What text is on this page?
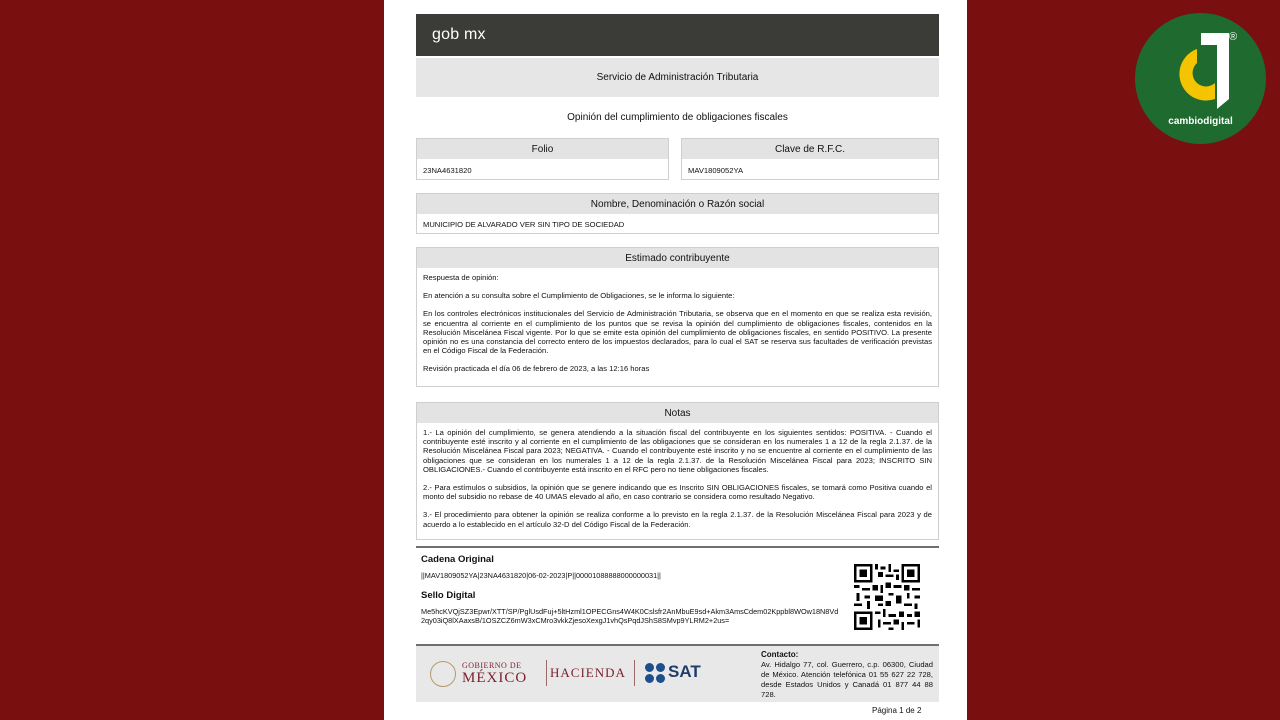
gob mx
Servicio de Administración Tributaria
Opinión del cumplimiento de obligaciones fiscales
Folio
23NA4631820
Clave de R.F.C.
MAV1809052YA
Nombre, Denominación o Razón social
MUNICIPIO DE ALVARADO VER SIN TIPO DE SOCIEDAD
Estimado contribuyente

Respuesta de opinión:

En atención a su consulta sobre el Cumplimiento de Obligaciones, se le informa lo siguiente:

En los controles electrónicos institucionales del Servicio de Administración Tributaria, se observa que en el momento en que se realiza esta revisión, se encuentra al corriente en el cumplimiento de los puntos que se revisa la opinión del cumplimiento de obligaciones fiscales, contenidos en la Resolución Miscelánea Fiscal vigente. Por lo que se emite esta opinión del cumplimiento de obligaciones fiscales, en sentido POSITIVO. La presente opinión no es una constancia del correcto entero de los impuestos declarados, para lo cual el SAT se reserva sus facultades de verificación previstas en el Código Fiscal de la Federación.

Revisión practicada el día 06 de febrero de 2023, a las 12:16 horas

Notas

1.- La opinión del cumplimiento, se genera atendiendo a la situación fiscal del contribuyente en los siguientes sentidos: POSITIVA. - Cuando el contribuyente esté inscrito y al corriente en el cumplimiento de las obligaciones que se consideran en los numerales 1 a 12 de la regla 2.1.37. de la Resolución Miscelánea Fiscal para 2023; NEGATIVA. - Cuando el contribuyente esté inscrito y no se encuentre al corriente en el cumplimiento de las obligaciones que se consideran en los numerales 1 a 12 de la regla 2.1.37. de la Resolución Miscelánea Fiscal para 2023; INSCRITO SIN OBLIGACIONES.- Cuando el contribuyente está inscrito en el RFC pero no tiene obligaciones fiscales.

2.- Para estímulos o subsidios, la opinión que se genere indicando que es Inscrito SIN OBLIGACIONES fiscales, se tomará como Positiva cuando el monto del subsidio no rebase de 40 UMAS elevado al año, en caso contrario se considera como resultado Negativo.

3.- El procedimiento para obtener la opinión se realiza conforme a lo previsto en la regla 2.1.37. de la Resolución Miscelánea Fiscal para 2023 y de acuerdo a lo establecido en el artículo 32-D del Código Fiscal de la Federación.

Cadena Original
||MAV1809052YA|23NA4631820|06-02-2023|P||00001088888000000031||
Sello Digital
Me5hcKVQjSZ3Epwr/XTT/SP/PglUsdFuj+5ltHzml1OPECGns4W4K0Cslsfr2AnMbuE9sd+Akm3AmsCdem02Kppbl8WOw18N8Vd2qy03iQ8lXAaxsB/1OSZCZ6mW3xCMro3vkkZjesoXexgJ1vhQsPqdJShS8SMvp9YLRM2+2us=
GOBIERNO DE
MÉXICO HACIENDA SAT
Contacto:
Av. Hidalgo 77, col. Guerrero, c.p. 06300, Ciudad de México. Atención telefónica 01 55 627 22 728, desde Estados Unidos y Canadá 01 877 44 88 728.
Página 1 de 2
®
cambiodigital
